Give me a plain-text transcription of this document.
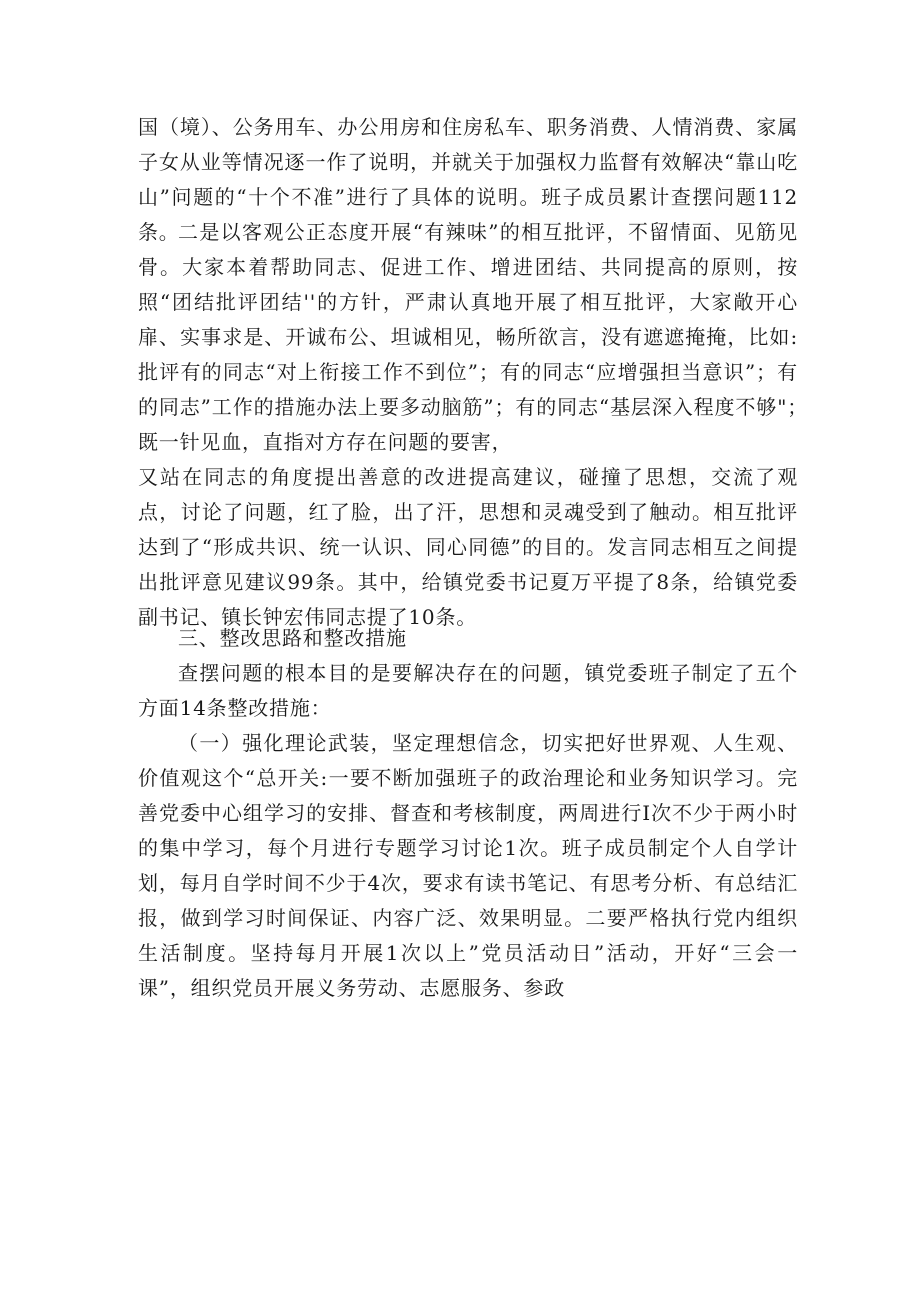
国（境）、公务用车、办公用房和住房私车、职务消费、人情消费、家属子女从业等情况逐一作了说明，并就关于加强权力监督有效解决“靠山吃山”问题的“十个不准”进行了具体的说明。班子成员累计查摆问题112条。

二是以客观公正态度开展“有辣味”的相互批评，不留情面、见筋见骨。大家本着帮助同志、促进工作、增进团结、共同提高的原则，按照“团结批评团结''的方针，严肃认真地开展了相互批评，大家敞开心扉、实事求是、开诚布公、坦诚相见，畅所欲言，没有遮遮掩掩，比如:批评有的同志“对上衔接工作不到位”；有的同志“应增强担当意识”；有的同志”工作的措施办法上要多动脑筋”；有的同志“基层深入程度不够"；　　既一针见血，直指对方存在问题的要害，

又站在同志的角度提出善意的改进提高建议，碰撞了思想，交流了观点，讨论了问题，红了脸，出了汗，思想和灵魂受到了触动。相互批评达到了“形成共识、统一认识、同心同德”的目的。发言同志相互之间提出批评意见建议99条。其中，给镇党委书记夏万平提了8条，给镇党委副书记、镇长钟宏伟同志提了10条。

三、整改思路和整改措施

查摆问题的根本目的是要解决存在的问题，镇党委班子制定了五个方面14条整改措施：

（一）强化理论武装，坚定理想信念，切实把好世界观、人生观、价值观这个“总开关:一要不断加强班子的政治理论和业务知识学习。完善党委中心组学习的安排、督查和考核制度，两周进行I次不少于两小时的集中学习，每个月进行专题学习讨论1次。班子成员制定个人自学计划，每月自学时间不少于4次，要求有读书笔记、有思考分析、有总结汇报，做到学习时间保证、内容广泛、效果明显。二要严格执行党内组织生活制度。坚持每月开展1次以上”党员活动日”活动，开好“三会一课”，组织党员开展义务劳动、志愿服务、参政
